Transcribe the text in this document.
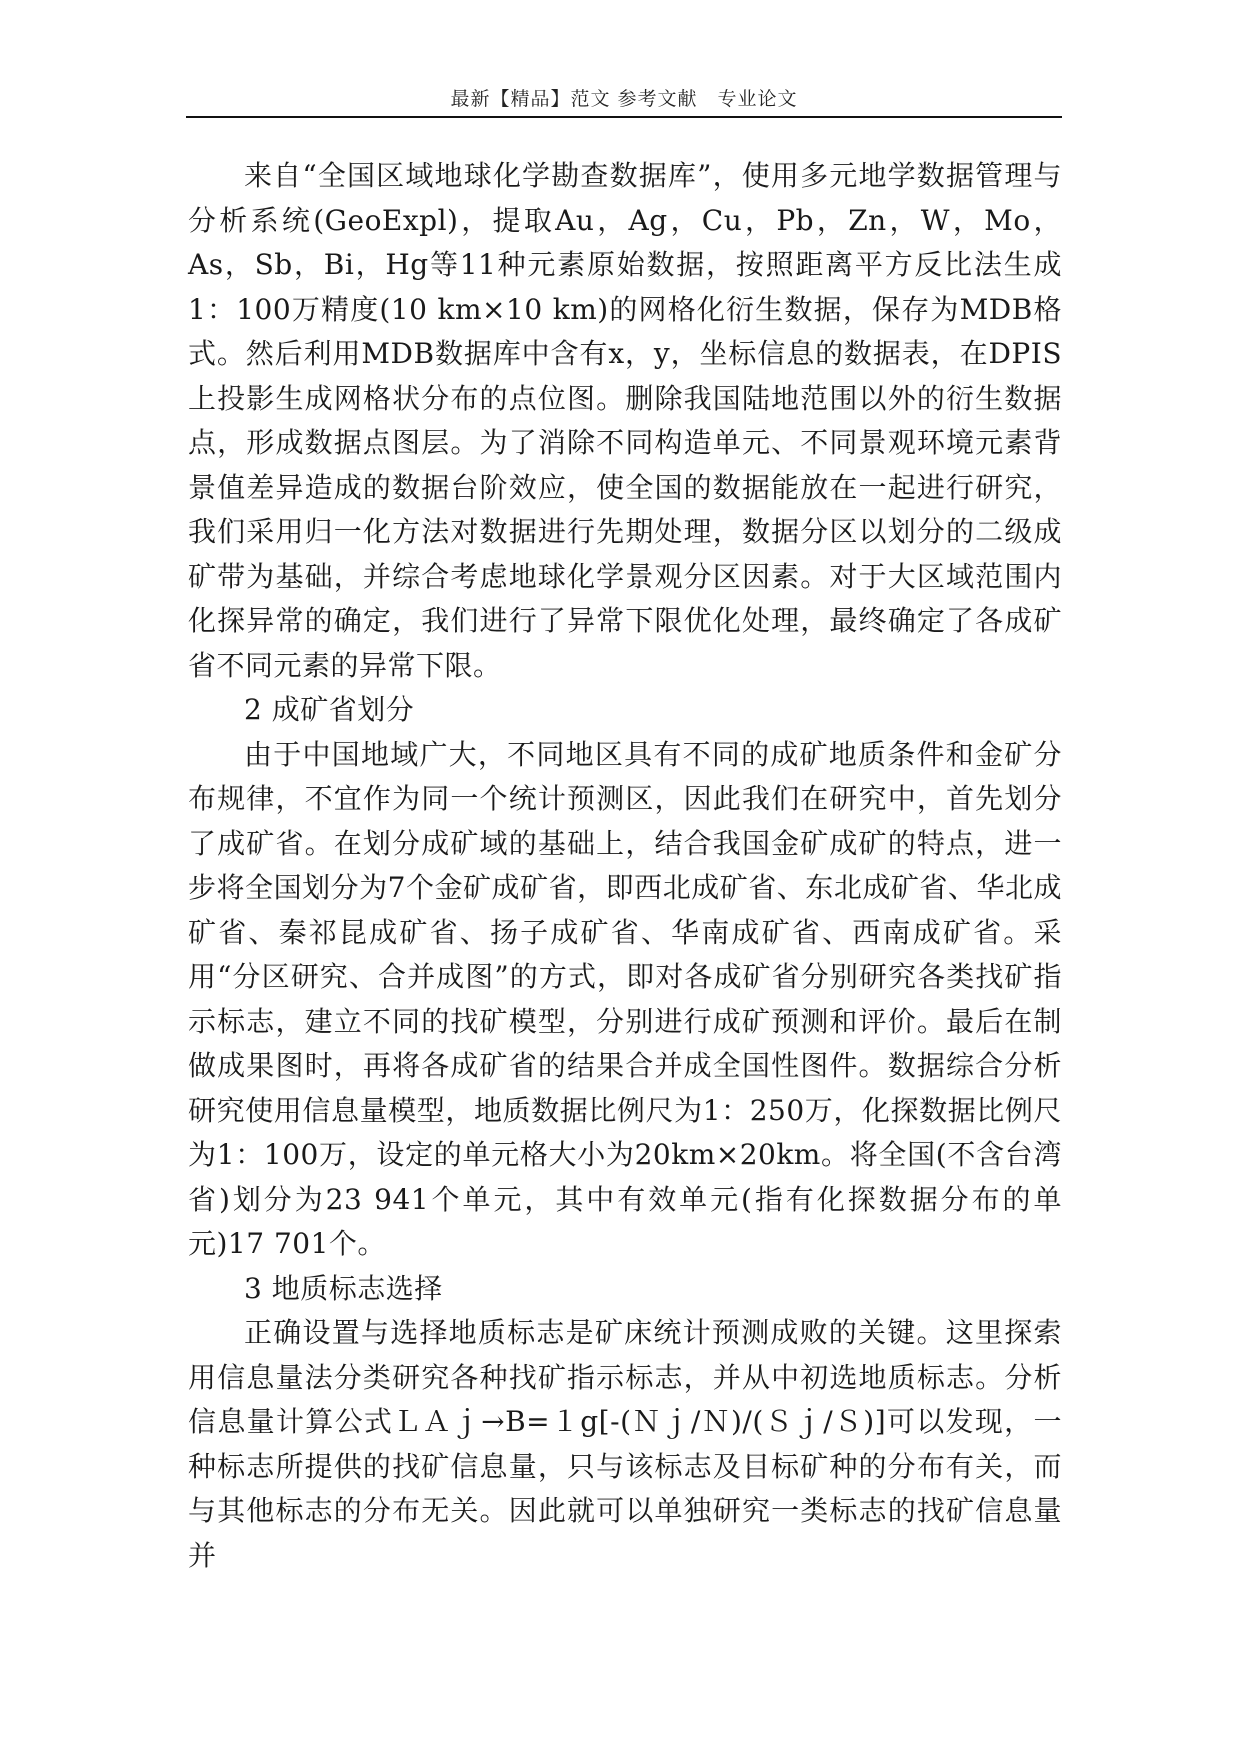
最新【精品】范文 参考文献　专业论文

来自“全国区域地球化学勘查数据库”，使用多元地学数据管理与分析系统(GeoExpl)，提取Au，Ag，Cu，Pb，Zn，W，Mo，As，Sb，Bi，Hg等11种元素原始数据，按照距离平方反比法生成1：100万精度(10 km×10 km)的网格化衍生数据，保存为MDB格式。然后利用MDB数据库中含有x，y，坐标信息的数据表，在DPIS上投影生成网格状分布的点位图。删除我国陆地范围以外的衍生数据点，形成数据点图层。为了消除不同构造单元、不同景观环境元素背景值差异造成的数据台阶效应，使全国的数据能放在一起进行研究，我们采用归一化方法对数据进行先期处理，数据分区以划分的二级成矿带为基础，并综合考虑地球化学景观分区因素。对于大区域范围内化探异常的确定，我们进行了异常下限优化处理，最终确定了各成矿省不同元素的异常下限。

2 成矿省划分

由于中国地域广大，不同地区具有不同的成矿地质条件和金矿分布规律，不宜作为同一个统计预测区，因此我们在研究中，首先划分了成矿省。在划分成矿域的基础上，结合我国金矿成矿的特点，进一步将全国划分为7个金矿成矿省，即西北成矿省、东北成矿省、华北成矿省、秦祁昆成矿省、扬子成矿省、华南成矿省、西南成矿省。采用“分区研究、合并成图”的方式，即对各成矿省分别研究各类找矿指示标志，建立不同的找矿模型，分别进行成矿预测和评价。最后在制做成果图时，再将各成矿省的结果合并成全国性图件。数据综合分析研究使用信息量模型，地质数据比例尺为1：250万，化探数据比例尺为1：100万，设定的单元格大小为20km×20km。将全国(不含台湾省)划分为23 941个单元，其中有效单元(指有化探数据分布的单元)17 701个。

3 地质标志选择

正确设置与选择地质标志是矿床统计预测成败的关键。这里探索用信息量法分类研究各种找矿指示标志，并从中初选地质标志。分析信息量计算公式ＬＡｊ→B=１g[-(Ｎｊ/Ｎ)/(Ｓｊ/Ｓ)]可以发现，一种标志所提供的找矿信息量，只与该标志及目标矿种的分布有关，而与其他标志的分布无关。因此就可以单独研究一类标志的找矿信息量并
